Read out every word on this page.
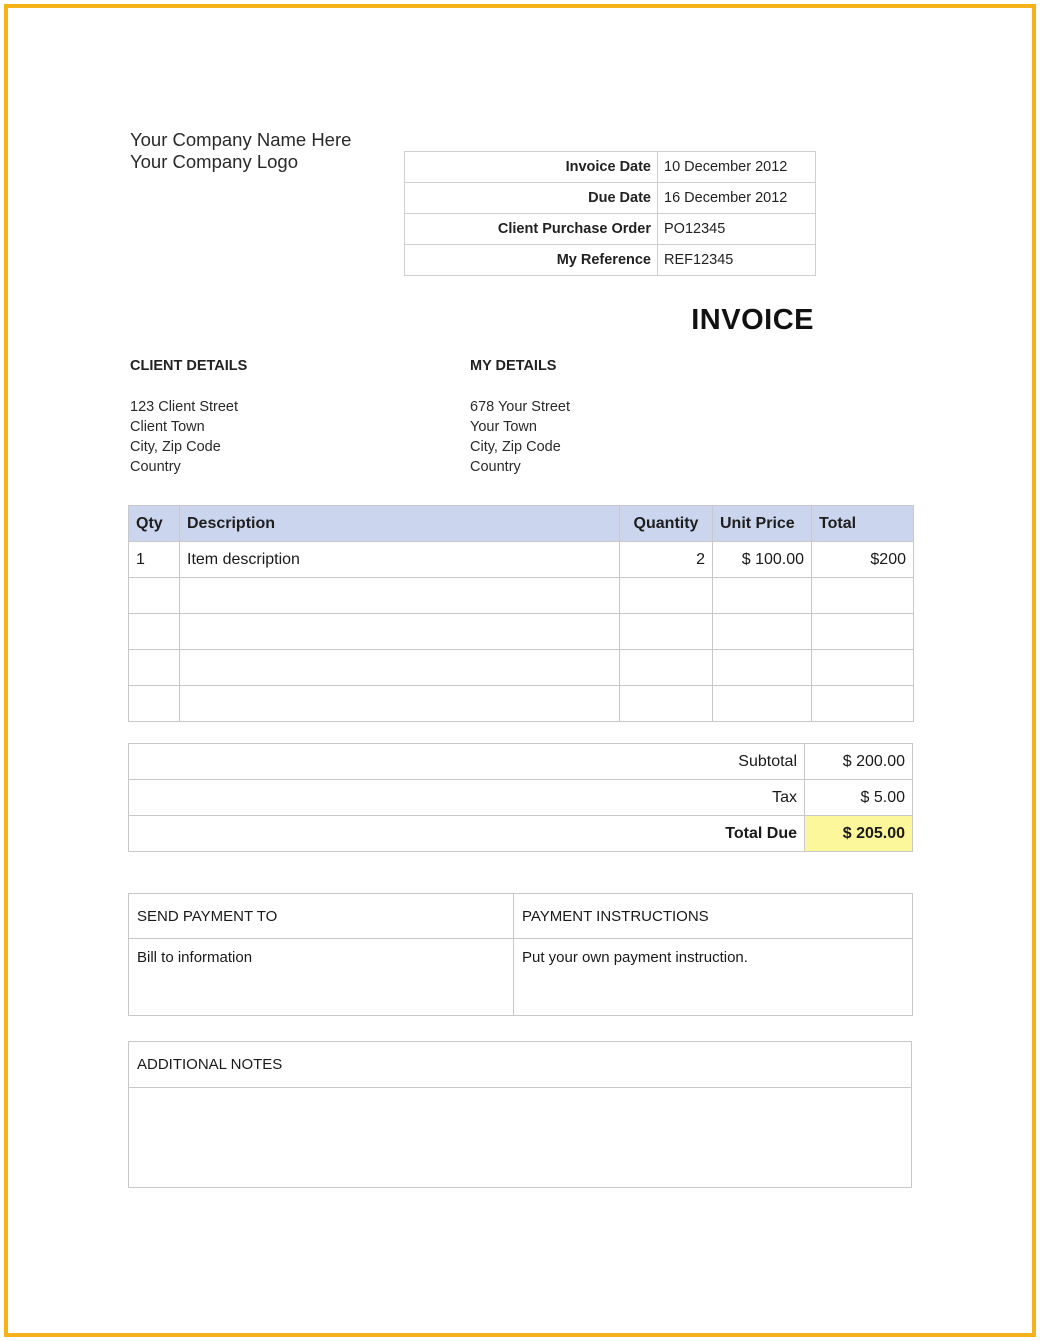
Your Company Name Here
Your Company Logo	Invoice Date	10 December 2012
Due Date	16 December 2012
Client Purchase Order	PO12345
My Reference	REF12345
INVOICE
CLIENT DETAILS
123 Client Street
Client Town
City, Zip Code
Country
MY DETAILS
678 Your Street
Your Town
City, Zip Code
Country
Qty	Description	Quantity	Unit Price	Total
1	Item description	2	$ 100.00	$200

Subtotal	$ 200.00
Tax	$ 5.00
Total Due	$ 205.00
SEND PAYMENT TO	PAYMENT INSTRUCTIONS
Bill to information	Put your own payment instruction.
ADDITIONAL NOTES
